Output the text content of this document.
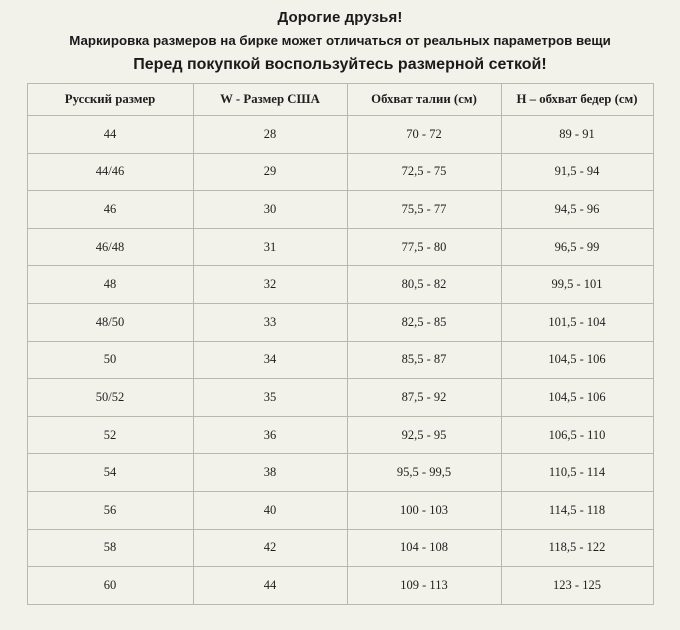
Дорогие друзья!
Маркировка размеров на бирке может отличаться от реальных параметров вещи
Перед покупкой воспользуйтесь размерной сеткой!
Русский размер	W - Размер США	Обхват талии (см)	H – обхват бедер (см)
44	28	70 - 72	89 - 91
44/46	29	72,5 - 75	91,5 - 94
46	30	75,5 - 77	94,5 - 96
46/48	31	77,5 - 80	96,5 - 99
48	32	80,5 - 82	99,5 - 101
48/50	33	82,5 - 85	101,5 - 104
50	34	85,5 - 87	104,5 - 106
50/52	35	87,5 - 92	104,5 - 106
52	36	92,5 - 95	106,5 - 110
54	38	95,5 - 99,5	110,5 - 114
56	40	100 - 103	114,5 - 118
58	42	104 - 108	118,5 - 122
60	44	109 - 113	123 - 125
